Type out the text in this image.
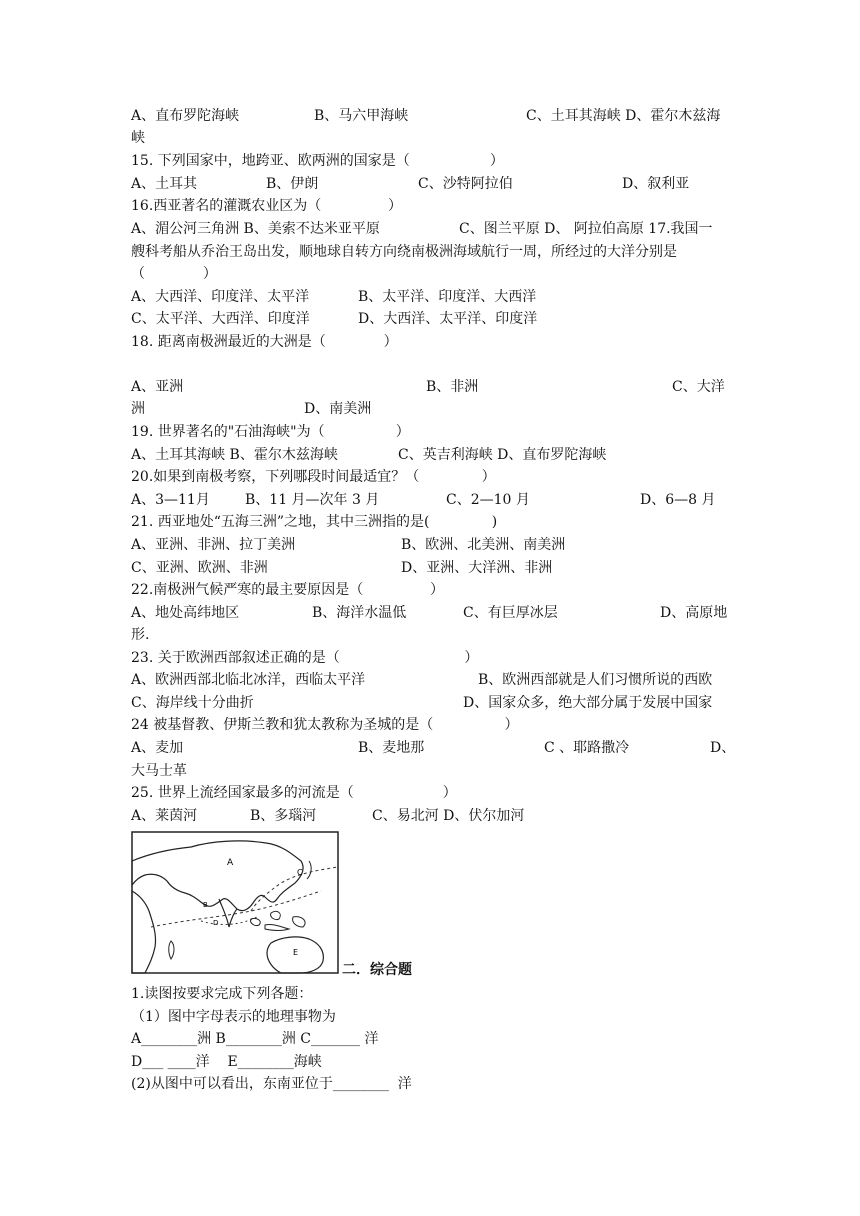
A、直布罗陀海峡	B、马六甲海峡	C、土耳其海峡 D、霍尔木兹海
峡
15. 下列国家中，地跨亚、欧两洲的国家是（                  ）
A、土耳其	B、伊朗	C、沙特阿拉伯	D、叙利亚
16.西亚著名的灌溉农业区为（               ）
A、湄公河三角洲 B、美索不达米亚平原	C、图兰平原 D、 阿拉伯高原 17.我国一
艘科考船从乔治王岛出发，顺地球自转方向绕南极洲海域航行一周，所经过的大洋分别是
（             ）
A、大西洋、印度洋、太平洋	B、太平洋、印度洋、大西洋
C、太平洋、大西洋、印度洋	D、大西洋、太平洋、印度洋
18. 距离南极洲最近的大洲是（             ）
A、亚洲	B、非洲	C、大洋
洲	D、南美洲
19. 世界著名的"石油海峡"为（                ）
A、土耳其海峡 B、霍尔木兹海峡	C、英吉利海峡 D、直布罗陀海峡
20.如果到南极考察，下列哪段时间最适宜？（              ）
A、3—11月	B、11 月—次年 3 月	C、2—10 月	D、6—8 月
21. 西亚地处“五海三洲”之地，其中三洲指的是(              )
A、亚洲、非洲、拉丁美洲	B、欧洲、北美洲、南美洲
C、亚洲、欧洲、非洲	D、亚洲、大洋洲、非洲
22.南极洲气候严寒的最主要原因是（               ）
A、地处高纬地区	B、海洋水温低	C、有巨厚冰层	D、高原地
形.
23. 关于欧洲西部叙述正确的是（                            ）
A、欧洲西部北临北冰洋，西临太平洋	B、欧洲西部就是人们习惯所说的西欧
C、海岸线十分曲折	D、国家众多，绝大部分属于发展中国家
24 被基督教、伊斯兰教和犹太教称为圣城的是（                ）
A、麦加	B、麦地那	C 、耶路撒冷	D、
大马士革
25. 世界上流经国家最多的河流是（                    ）
A、莱茵河	B、多瑙河	C、易北河 D、伏尔加河
A
B
C
D
E
二．综合题
1.读图按要求完成下列各题：
（1）图中字母表示的地理事物为
A________洲 B________洲 C_______ 洋
D___ ____洋    E________海峡
(2)从图中可以看出，东南亚位于________  洋
